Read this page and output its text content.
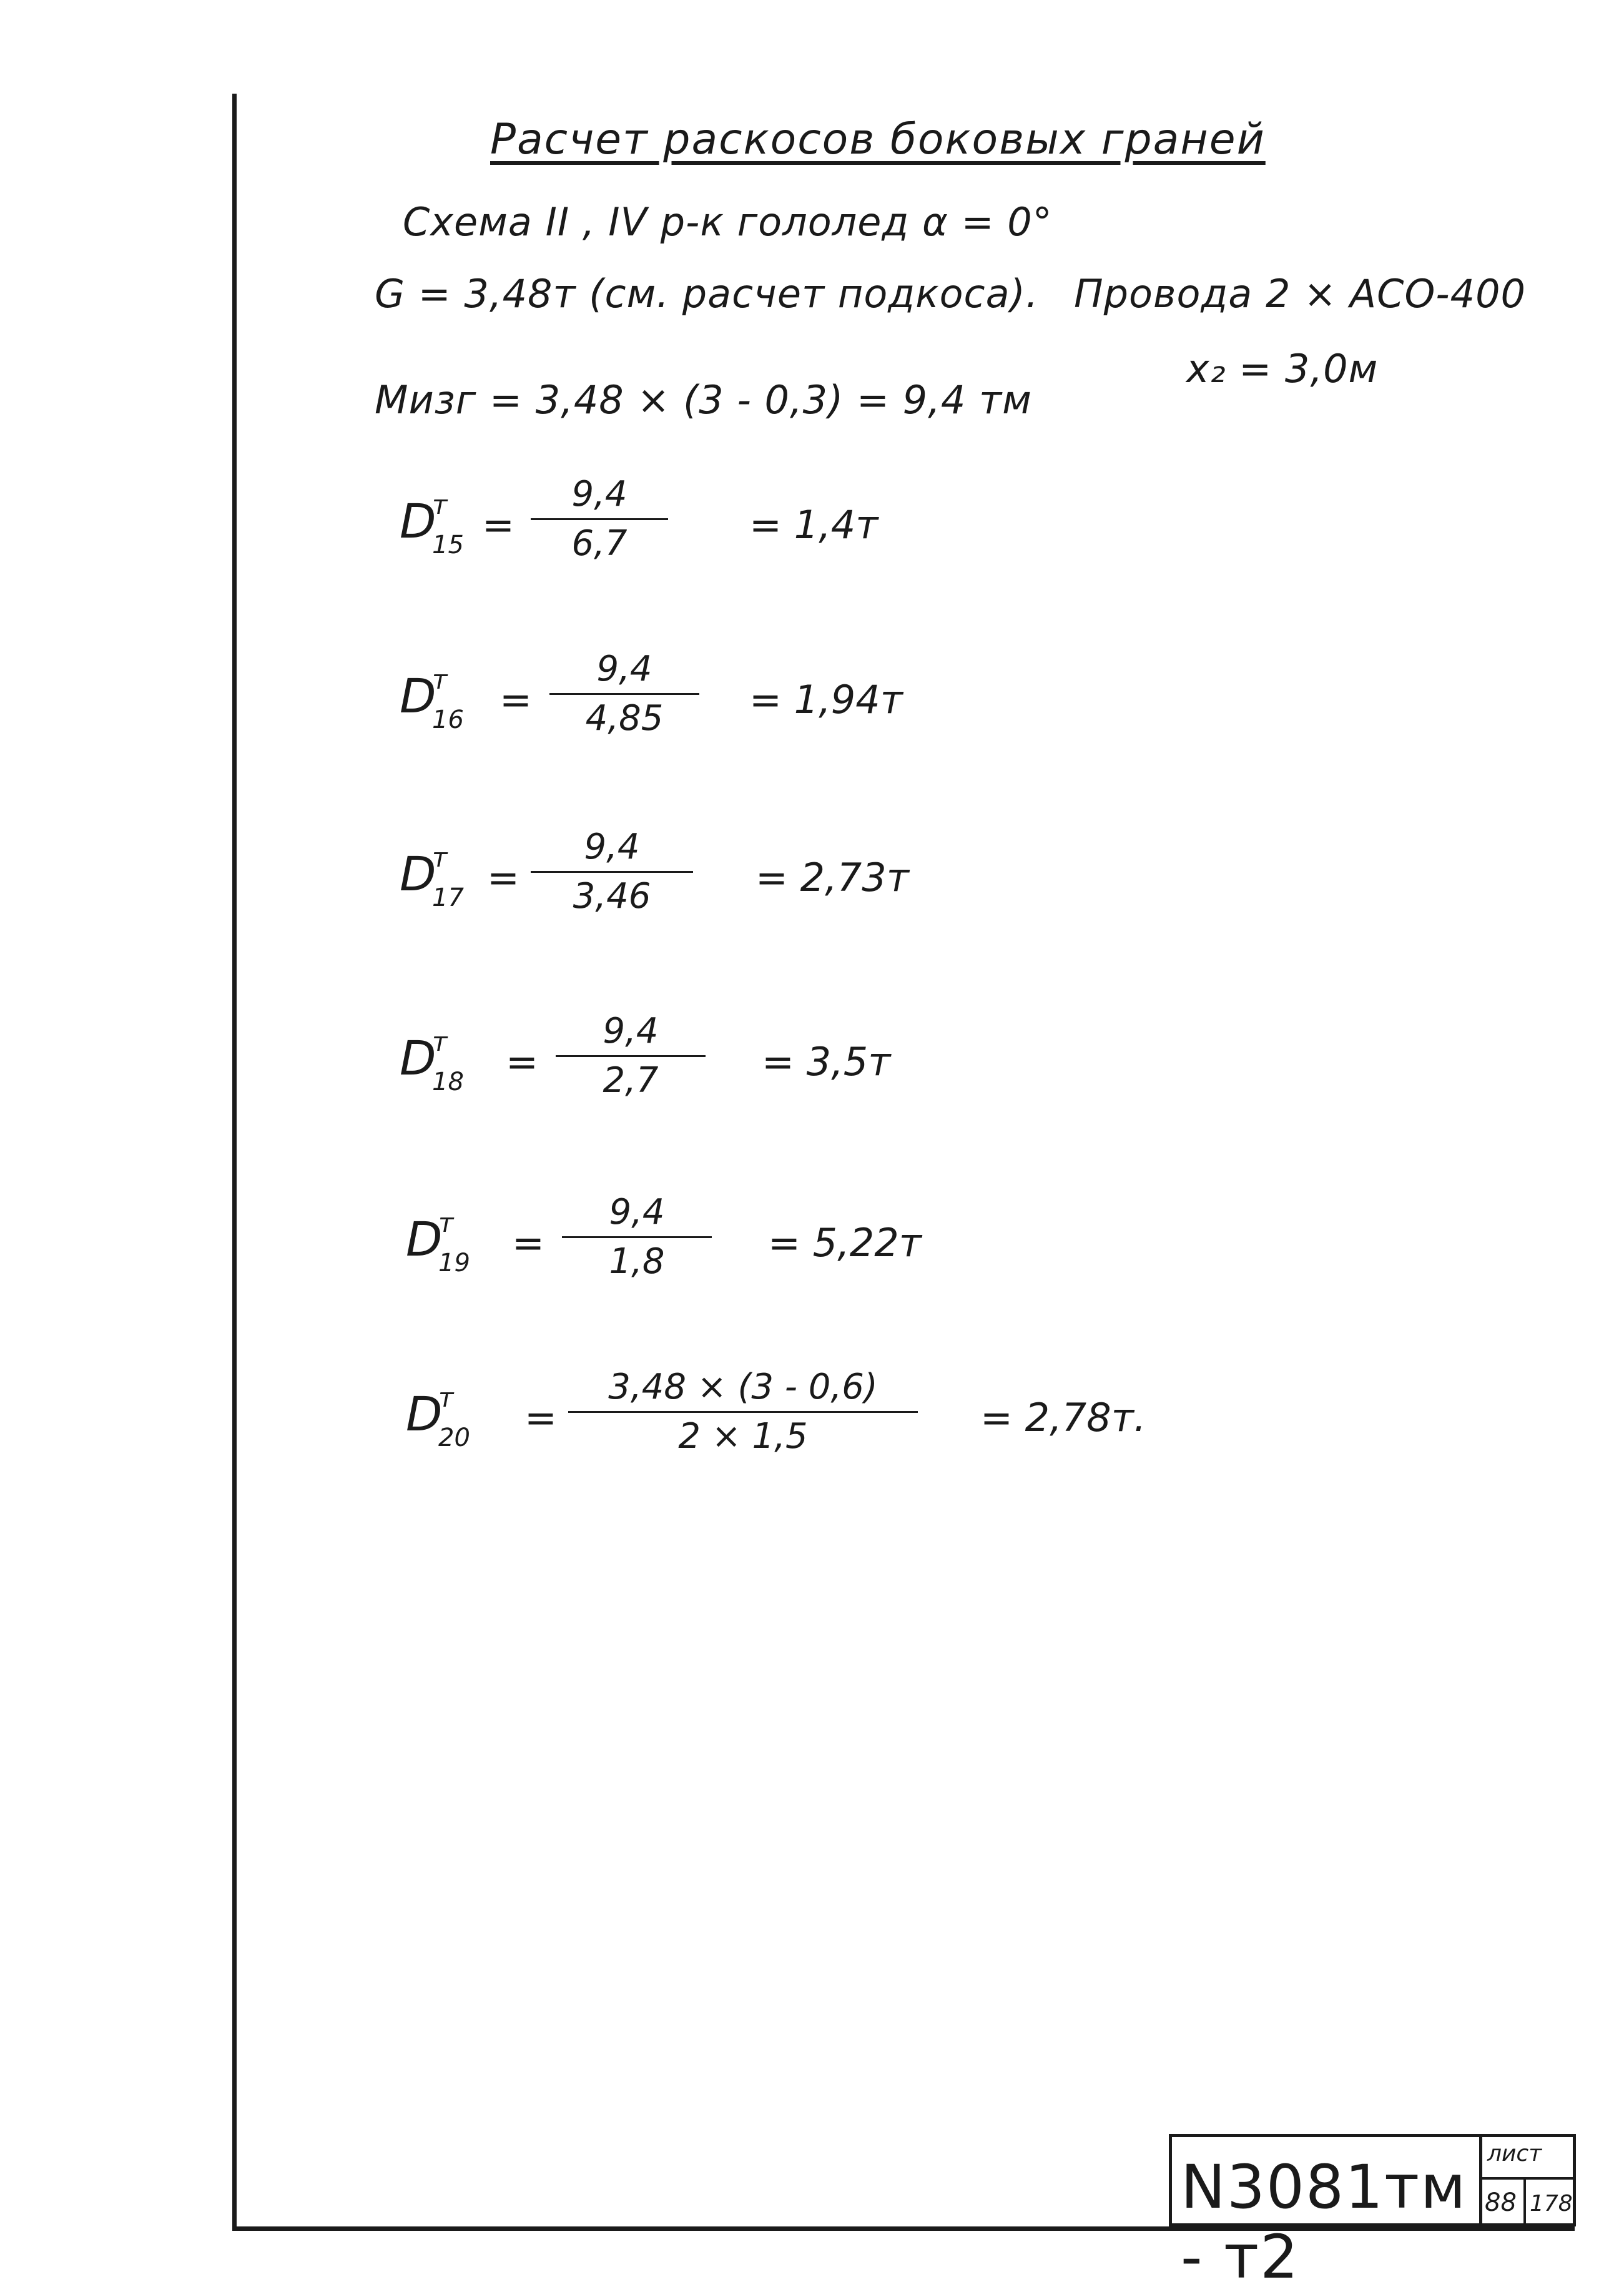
Расчет раскосов боковых граней
Схема II , IV р-к гололед α = 0°
G = 3,48т (см. расчет подкоса). Провода 2 × АСО-400
x₂ = 3,0м
Mизг = 3,48 × (3 - 0,3) = 9,4 тм
D
т
15 =
9,4
6,7	= 1,4т
D
т
16 =
9,4
4,85	= 1,94т
D
т
17 =
9,4
3,46	= 2,73т
D
т
18 =
9,4
2,7	= 3,5т
D
т
19 =
9,4
1,8	= 5,22т
D
т
20 =
3,48 × (3 - 0,6)
2 × 1,5	= 2,78т.
N3081тм - т2
лист
88 178
